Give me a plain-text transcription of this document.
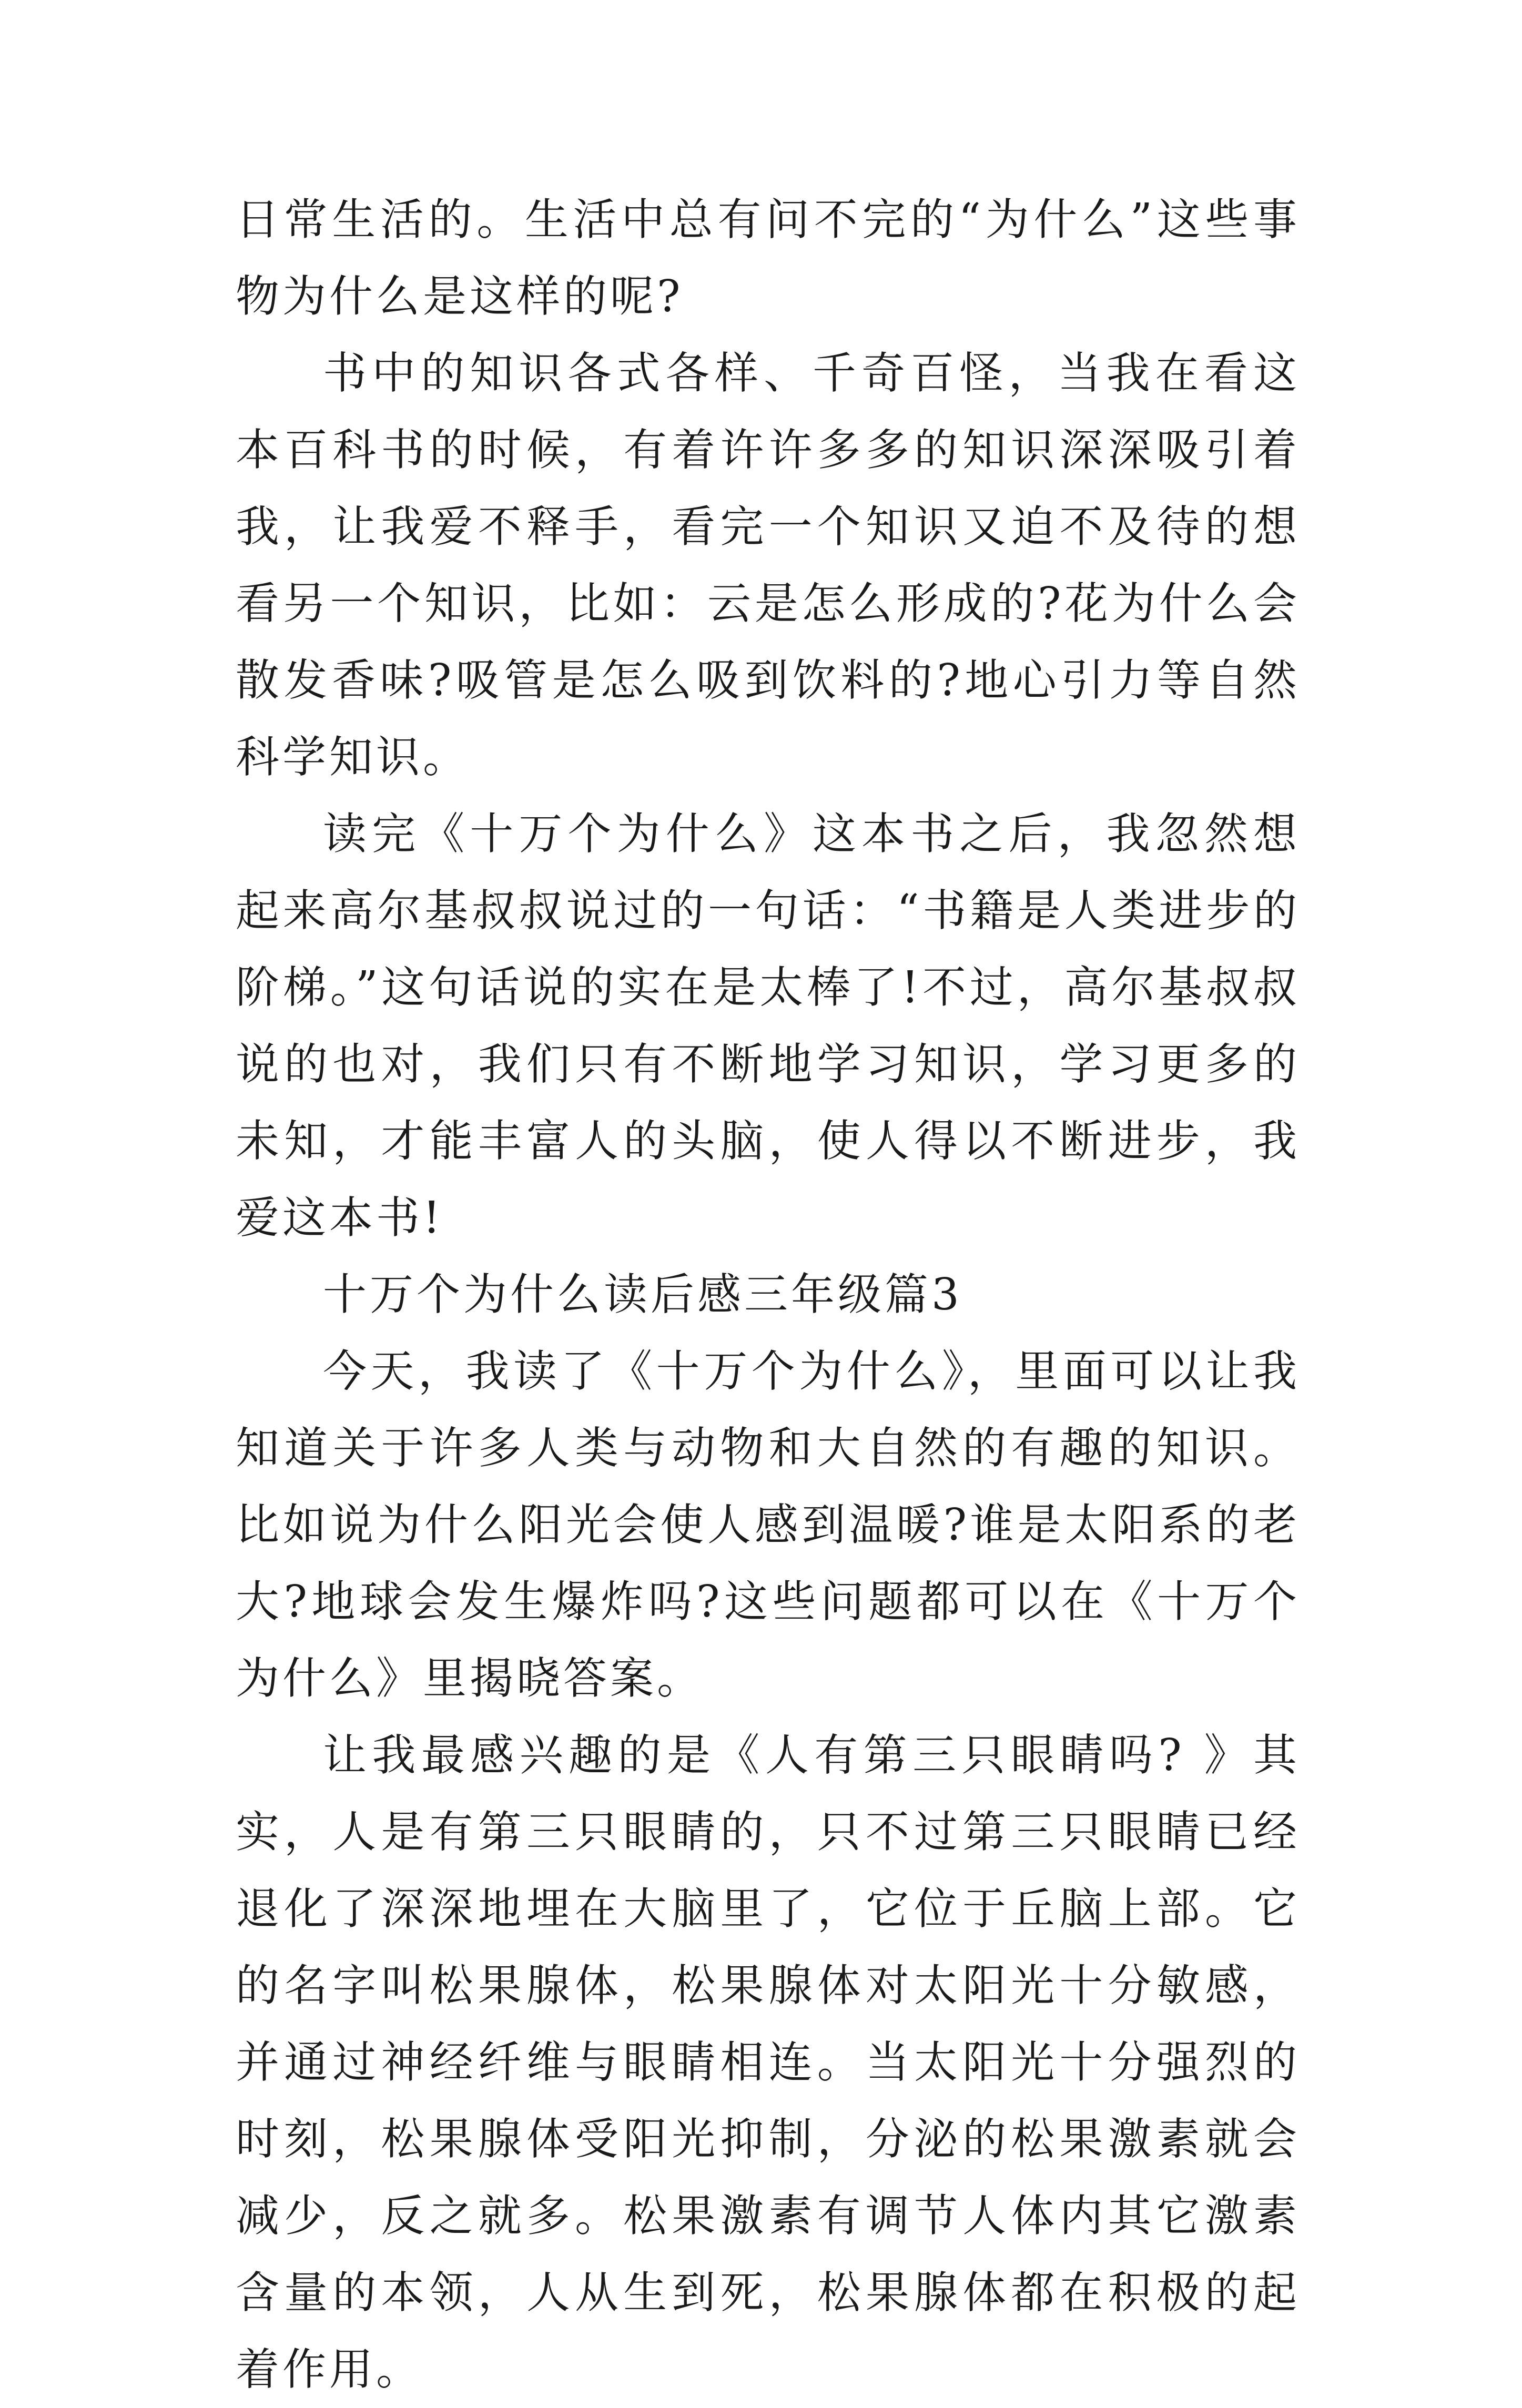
日常生活的。生活中总有问不完的“为什么”这些事物为什么是这样的呢?

书中的知识各式各样、千奇百怪，当我在看这本百科书的时候，有着许许多多的知识深深吸引着我，让我爱不释手，看完一个知识又迫不及待的想看另一个知识，比如：云是怎么形成的?花为什么会散发香味?吸管是怎么吸到饮料的?地心引力等自然科学知识。

读完《十万个为什么》这本书之后，我忽然想起来高尔基叔叔说过的一句话：“书籍是人类进步的阶梯。”这句话说的实在是太棒了!不过，高尔基叔叔说的也对，我们只有不断地学习知识，学习更多的未知，才能丰富人的头脑，使人得以不断进步，我爱这本书!

十万个为什么读后感三年级篇3

今天，我读了《十万个为什么》，里面可以让我知道关于许多人类与动物和大自然的有趣的知识。比如说为什么阳光会使人感到温暖?谁是太阳系的老大?地球会发生爆炸吗?这些问题都可以在《十万个为什么》里揭晓答案。

让我最感兴趣的是《人有第三只眼睛吗? 》其实，人是有第三只眼睛的，只不过第三只眼睛已经退化了深深地埋在大脑里了，它位于丘脑上部。它的名字叫松果腺体，松果腺体对太阳光十分敏感，并通过神经纤维与眼睛相连。当太阳光十分强烈的时刻，松果腺体受阳光抑制，分泌的松果激素就会减少，反之就多。松果激素有调节人体内其它激素含量的本领，人从生到死，松果腺体都在积极的起着作用。
